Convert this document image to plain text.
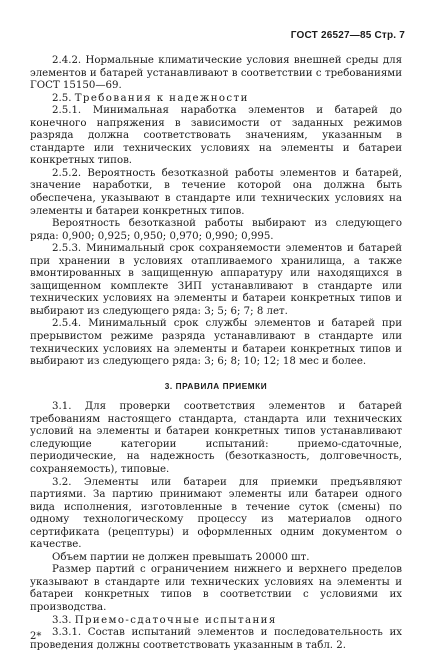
ГОСТ 26527—85 Стр. 7

2.4.2. Нормальные климатические условия внешней среды для элементов и батарей устанавливают в соответствии с требованиями ГОСТ 15150—69.

2.5. Требования к надежности

2.5.1. Минимальная наработка элементов и батарей до конечного напряжения в зависимости от заданных режимов разряда должна соответствовать значениям, указанным в стандарте или технических условиях на элементы и батареи конкретных типов.

2.5.2. Вероятность безотказной работы элементов и батарей, значение наработки, в течение которой она должна быть обеспечена, указывают в стандарте или технических условиях на элементы и батареи конкретных типов.

Вероятность безотказной работы выбирают из следующего ряда: 0,900; 0,925; 0,950; 0,970; 0,990; 0,995.

2.5.3. Минимальный срок сохраняемости элементов и батарей при хранении в условиях отапливаемого хранилища, а также вмонтированных в защищенную аппаратуру или находящихся в защищенном комплекте ЗИП устанавливают в стандарте или технических условиях на элементы и батареи конкретных типов и выбирают из следующего ряда: 3; 5; 6; 7; 8 лет.

2.5.4. Минимальный срок службы элементов и батарей при прерывистом режиме разряда устанавливают в стандарте или технических условиях на элементы и батареи конкретных типов и выбирают из следующего ряда: 3; 6; 8; 10; 12; 18 мес и более.

3. ПРАВИЛА ПРИЕМКИ

3.1. Для проверки соответствия элементов и батарей требованиям настоящего стандарта, стандарта или технических условий на элементы и батареи конкретных типов устанавливают следующие категории испытаний: приемо-сдаточные, периодические, на надежность (безотказность, долговечность, сохраняемость), типовые.

3.2. Элементы или батареи для приемки предъявляют партиями. За партию принимают элементы или батареи одного вида исполнения, изготовленные в течение суток (смены) по одному технологическому процессу из материалов одного сертификата (рецептуры) и оформленных одним документом о качестве.

Объем партии не должен превышать 20000 шт.

Размер партий с ограничением нижнего и верхнего пределов указывают в стандарте или технических условиях на элементы и батареи конкретных типов в соответствии с условиями их производства.

3.3. Приемо-сдаточные испытания

3.3.1. Состав испытаний элементов и последовательность их проведения должны соответствовать указанным в табл. 2.

2*
